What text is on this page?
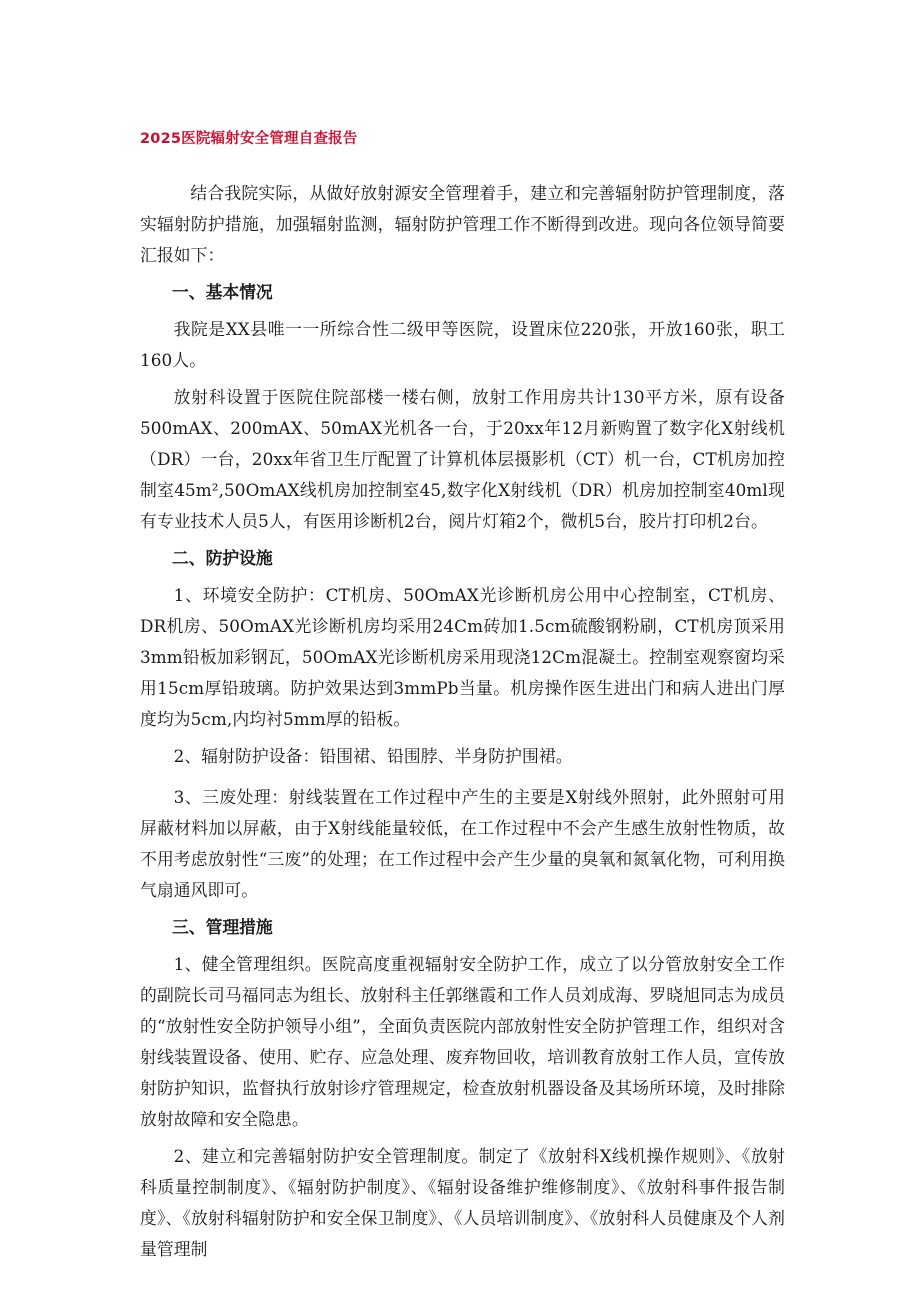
2025医院辐射安全管理自查报告

结合我院实际，从做好放射源安全管理着手，建立和完善辐射防护管理制度，落实辐射防护措施，加强辐射监测，辐射防护管理工作不断得到改进。现向各位领导简要汇报如下：

一、基本情况

我院是XX县唯一一所综合性二级甲等医院，设置床位220张，开放160张，职工160人。

放射科设置于医院住院部楼一楼右侧，放射工作用房共计130平方米，原有设备500mAX、200mAX、50mAX光机各一台，于20xx年12月新购置了数字化X射线机（DR）一台，20xx年省卫生厅配置了计算机体层摄影机（CT）机一台，CT机房加控制室45m²,50OmAX线机房加控制室45,数字化X射线机（DR）机房加控制室40ml现有专业技术人员5人，有医用诊断机2台，阅片灯箱2个，微机5台，胶片打印机2台。

二、防护设施

1、环境安全防护：CT机房、50OmAX光诊断机房公用中心控制室，CT机房、DR机房、50OmAX光诊断机房均采用24Cm砖加1.5cm硫酸钢粉刷，CT机房顶采用3mm铅板加彩钢瓦，50OmAX光诊断机房采用现浇12Cm混凝土。控制室观察窗均采用15cm厚铅玻璃。防护效果达到3mmPb当量。机房操作医生进出门和病人进出门厚度均为5cm,内均衬5mm厚的铅板。

2、辐射防护设备：铅围裙、铅围脖、半身防护围裙。

3、三废处理：射线装置在工作过程中产生的主要是X射线外照射，此外照射可用屏蔽材料加以屏蔽，由于X射线能量较低，在工作过程中不会产生感生放射性物质，故不用考虑放射性“三废”的处理；在工作过程中会产生少量的臭氧和氮氧化物，可利用换气扇通风即可。

三、管理措施

1、健全管理组织。医院高度重视辐射安全防护工作，成立了以分管放射安全工作的副院长司马福同志为组长、放射科主任郭继霞和工作人员刘成海、罗晓旭同志为成员的“放射性安全防护领导小组”，全面负责医院内部放射性安全防护管理工作，组织对含射线装置设备、使用、贮存、应急处理、废弃物回收，培训教育放射工作人员，宣传放射防护知识，监督执行放射诊疗管理规定，检查放射机器设备及其场所环境，及时排除放射故障和安全隐患。

2、建立和完善辐射防护安全管理制度。制定了《放射科X线机操作规则》、《放射科质量控制制度》、《辐射防护制度》、《辐射设备维护维修制度》、《放射科事件报告制度》、《放射科辐射防护和安全保卫制度》、《人员培训制度》、《放射科人员健康及个人剂量管理制
